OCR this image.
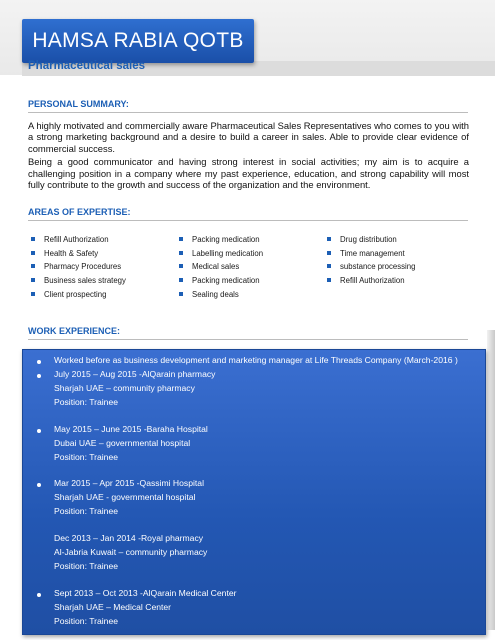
HAMSA RABIA QOTB
Pharmaceutical sales
PERSONAL SUMMARY:

A highly motivated and commercially aware Pharmaceutical Sales Representatives who comes to you with a strong marketing background and a desire to build a career in sales. Able to provide clear evidence of commercial success.

Being a good communicator and having strong interest in social activities; my aim is to acquire a challenging position in a company where my past experience, education, and strong capability will most fully contribute to the growth and success of the organization and the environment.

AREAS OF EXPERTISE:
Refill Authorization
Health & Safety
Pharmacy Procedures
Business sales strategy
Client prospecting
Packing medication
Labelling medication
Medical sales
Packing medication
Sealing deals
Drug distribution
Time management
substance processing
Refill Authorization
WORK EXPERIENCE:
Worked before as business development and marketing manager at Life Threads Company (March-2016 )
July 2015 – Aug 2015 -AlQarain pharmacy
Sharjah UAE – community pharmacy
Position: Trainee
May 2015 – June 2015 -Baraha Hospital
Dubai UAE – governmental hospital
Position: Trainee
Mar 2015 – Apr 2015 -Qassimi Hospital
Sharjah UAE - governmental hospital
Position: Trainee
Dec 2013 – Jan 2014 -Royal pharmacy
Al-Jabria Kuwait – community pharmacy
Position: Trainee
Sept 2013 – Oct 2013 -AlQarain Medical Center
Sharjah UAE – Medical Center
Position: Trainee
